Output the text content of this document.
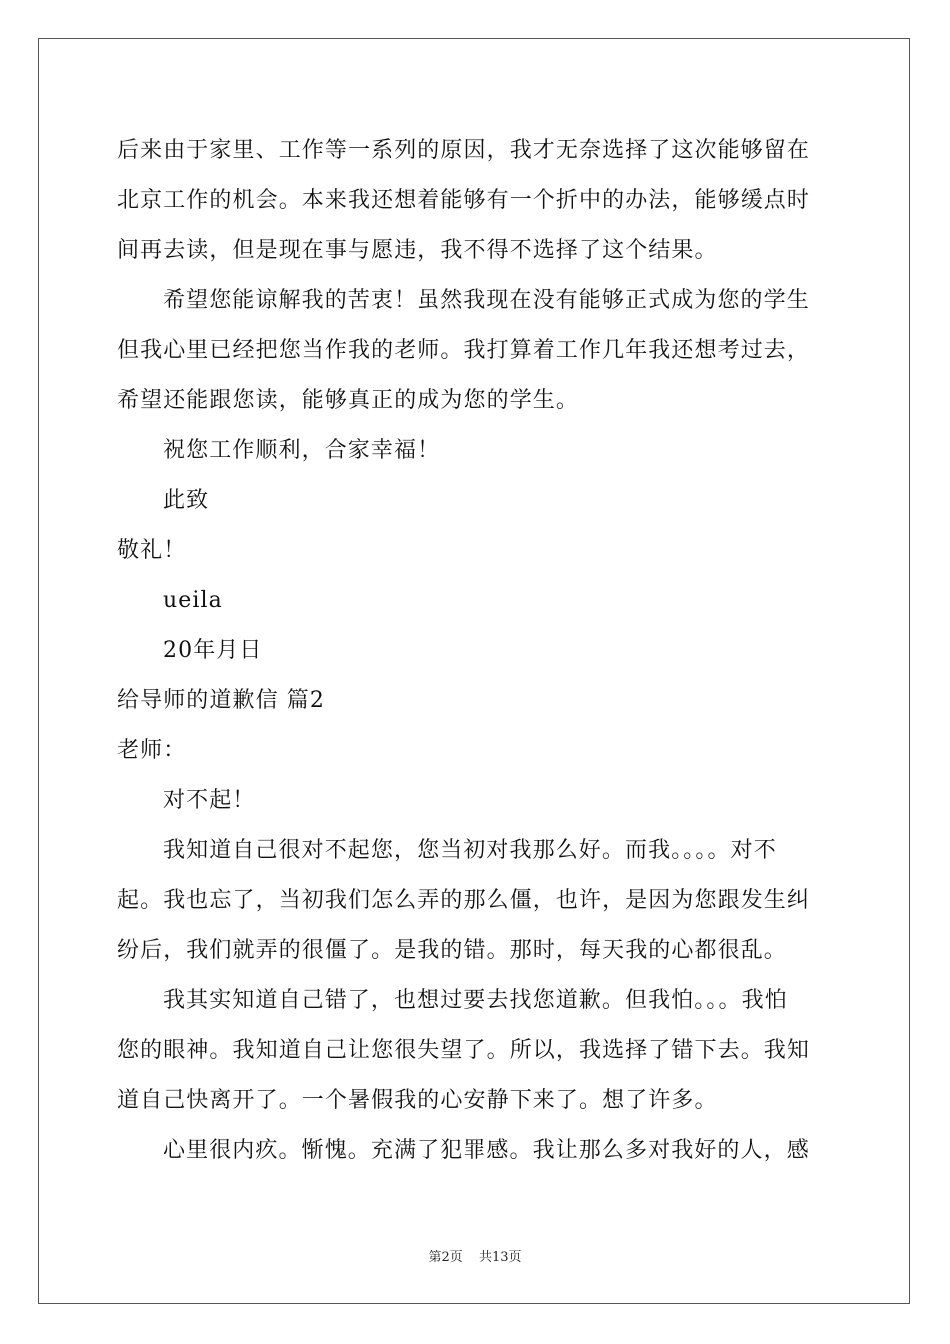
后来由于家里、工作等一系列的原因，我才无奈选择了这次能够留在
北京工作的机会。本来我还想着能够有一个折中的办法，能够缓点时
间再去读，但是现在事与愿违，我不得不选择了这个结果。
希望您能谅解我的苦衷！虽然我现在没有能够正式成为您的学生
但我心里已经把您当作我的老师。我打算着工作几年我还想考过去，
希望还能跟您读，能够真正的成为您的学生。
祝您工作顺利，合家幸福！
此致
敬礼！
ueila
20年月日
给导师的道歉信 篇2
老师：
对不起！
我知道自己很对不起您，您当初对我那么好。而我。。。。对不
起。我也忘了，当初我们怎么弄的那么僵，也许，是因为您跟发生纠
纷后，我们就弄的很僵了。是我的错。那时，每天我的心都很乱。
我其实知道自己错了，也想过要去找您道歉。但我怕。。。我怕
您的眼神。我知道自己让您很失望了。所以，我选择了错下去。我知
道自己快离开了。一个暑假我的心安静下来了。想了许多。
心里很内疚。惭愧。充满了犯罪感。我让那么多对我好的人，感
第2页 共13页
